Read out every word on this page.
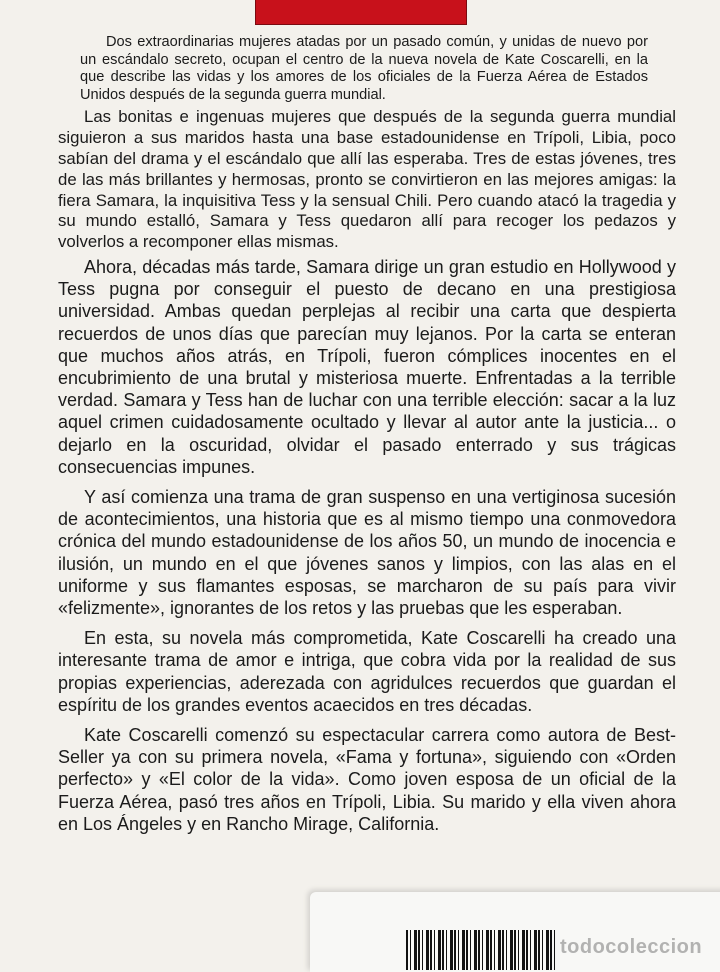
Dos extraordinarias mujeres atadas por un pasado común, y unidas de nuevo por un escándalo secreto, ocupan el centro de la nueva novela de Kate Coscarelli, en la que describe las vidas y los amores de los oficiales de la Fuerza Aérea de Estados Unidos después de la segunda guerra mundial.

Las bonitas e ingenuas mujeres que después de la segunda guerra mundial siguieron a sus maridos hasta una base estadounidense en Trípoli, Libia, poco sabían del drama y el escándalo que allí las esperaba. Tres de estas jóvenes, tres de las más brillantes y hermosas, pronto se convirtieron en las mejores amigas: la fiera Samara, la inquisitiva Tess y la sensual Chili. Pero cuando atacó la tragedia y su mundo estalló, Samara y Tess quedaron allí para recoger los pedazos y volverlos a recomponer ellas mismas.

Ahora, décadas más tarde, Samara dirige un gran estudio en Hollywood y Tess pugna por conseguir el puesto de decano en una prestigiosa universidad. Ambas quedan perplejas al recibir una carta que despierta recuerdos de unos días que parecían muy lejanos. Por la carta se enteran que muchos años atrás, en Trípoli, fueron cómplices inocentes en el encubrimiento de una brutal y misteriosa muerte. Enfrentadas a la terrible verdad. Samara y Tess han de luchar con una terrible elección: sacar a la luz aquel crimen cuidadosamente ocultado y llevar al autor ante la justicia... o dejarlo en la oscuridad, olvidar el pasado enterrado y sus trágicas consecuencias impunes.

Y así comienza una trama de gran suspenso en una vertiginosa sucesión de acontecimientos, una historia que es al mismo tiempo una conmovedora crónica del mundo estadounidense de los años 50, un mundo de inocencia e ilusión, un mundo en el que jóvenes sanos y limpios, con las alas en el uniforme y sus flamantes esposas, se marcharon de su país para vivir «felizmente», ignorantes de los retos y las pruebas que les esperaban.

En esta, su novela más comprometida, Kate Coscarelli ha creado una interesante trama de amor e intriga, que cobra vida por la realidad de sus propias experiencias, aderezada con agridulces recuerdos que guardan el espíritu de los grandes eventos acaecidos en tres décadas.

Kate Coscarelli comenzó su espectacular carrera como autora de Best-Seller ya con su primera novela, «Fama y fortuna», siguiendo con «Orden perfecto» y «El color de la vida». Como joven esposa de un oficial de la Fuerza Aérea, pasó tres años en Trípoli, Libia. Su marido y ella viven ahora en Los Ángeles y en Rancho Mirage, California.

todocoleccion
